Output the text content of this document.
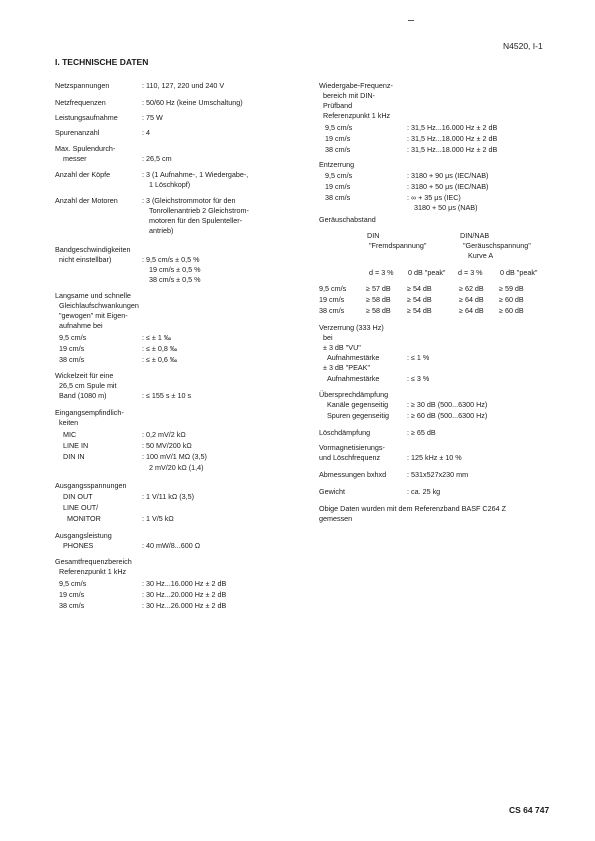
N4520, I-1
I. TECHNISCHE DATEN
Netzspannungen	: 110, 127, 220 und 240 V
Netzfrequenzen	: 50/60 Hz (keine Umschaltung)
Leistungsaufnahme	: 75 W
Spurenanzahl	: 4
Max. Spulendurch-
messer	: 26,5 cm
Anzahl der Köpfe	: 3 (1 Aufnahme-, 1 Wiedergabe-,
1 Löschkopf)
Anzahl der Motoren	: 3 (Gleichstrommotor für den
Tonrollenantrieb 2 Gleichstrom-
motoren für den Spulenteller-
antrieb)
Bandgeschwindigkeiten
nicht einstellbar)	: 9,5 cm/s ± 0,5 %
19 cm/s ± 0,5 %
38 cm/s ± 0,5 %
Langsame und schnelle
Gleichlaufschwankungen
"gewogen" mit Eigen-
aufnahme bei
9,5 cm/s	: ≤ ± 1 ‰
19 cm/s	: ≤ ± 0,8 ‰
38 cm/s	: ≤ ± 0,6 ‰
Wickelzeit für eine
26,5 cm Spule mit
Band (1080 m)	: ≤ 155 s ± 10 s
Eingangsempfindlich-
keiten
MIC	: 0,2 mV/2 kΩ
LINE IN	: 50 MV/200 kΩ
DIN IN	: 100 mV/1 MΩ (3,5)
2 mV/20 kΩ (1,4)
Ausgangsspannungen
DIN OUT	: 1 V/11 kΩ (3,5)
LINE OUT/
MONITOR	: 1 V/5 kΩ
Ausgangsleistung
PHONES	: 40 mW/8...600 Ω
Gesamtfrequenzbereich
Referenzpunkt 1 kHz
9,5 cm/s	: 30 Hz...16.000 Hz ± 2 dB
19 cm/s	: 30 Hz...20.000 Hz ± 2 dB
38 cm/s	: 30 Hz...26.000 Hz ± 2 dB
Wiedergabe-Frequenz-
bereich mit DIN-
Prüfband
Referenzpunkt 1 kHz
9,5 cm/s	: 31,5 Hz...16.000 Hz ± 2 dB
19 cm/s	: 31,5 Hz...18.000 Hz ± 2 dB
38 cm/s	: 31,5 Hz...18.000 Hz ± 2 dB
Entzerrung
9,5 cm/s	: 3180 + 90 μs (IEC/NAB)
19 cm/s	: 3180 + 50 μs (IEC/NAB)
38 cm/s	: ∞ + 35 μs (IEC)
3180 + 50 μs (NAB)
Geräuschabstand
DIN
"Fremdspannung"
DIN/NAB
"Geräuschspannung"
Kurve A
d = 3 % 0 dB "peak" d = 3 % 0 dB "peak"
9,5 cm/s	≥ 57 dB ≥ 54 dB	≥ 62 dB ≥ 59 dB
19 cm/s	≥ 58 dB ≥ 54 dB	≥ 64 dB ≥ 60 dB
38 cm/s	≥ 58 dB ≥ 54 dB	≥ 64 dB ≥ 60 dB
Verzerrung (333 Hz)
bei
± 3 dB "VU"
Aufnahmestärke	: ≤ 1 %
± 3 dB "PEAK"
Aufnahmestärke	: ≤ 3 %
Übersprechdämpfung
Kanäle gegenseitig	: ≥ 30 dB (500...6300 Hz)
Spuren gegenseitig	: ≥ 60 dB (500...6300 Hz)
Löschdämpfung	: ≥ 65 dB
Vormagnetisierungs-
und Löschfrequenz	: 125 kHz ± 10 %
Abmessungen bxhxd	: 531x527x230 mm
Gewicht	: ca. 25 kg
Obige Daten wurden mit dem Referenzband BASF C264 Z
gemessen
CS 64 747
